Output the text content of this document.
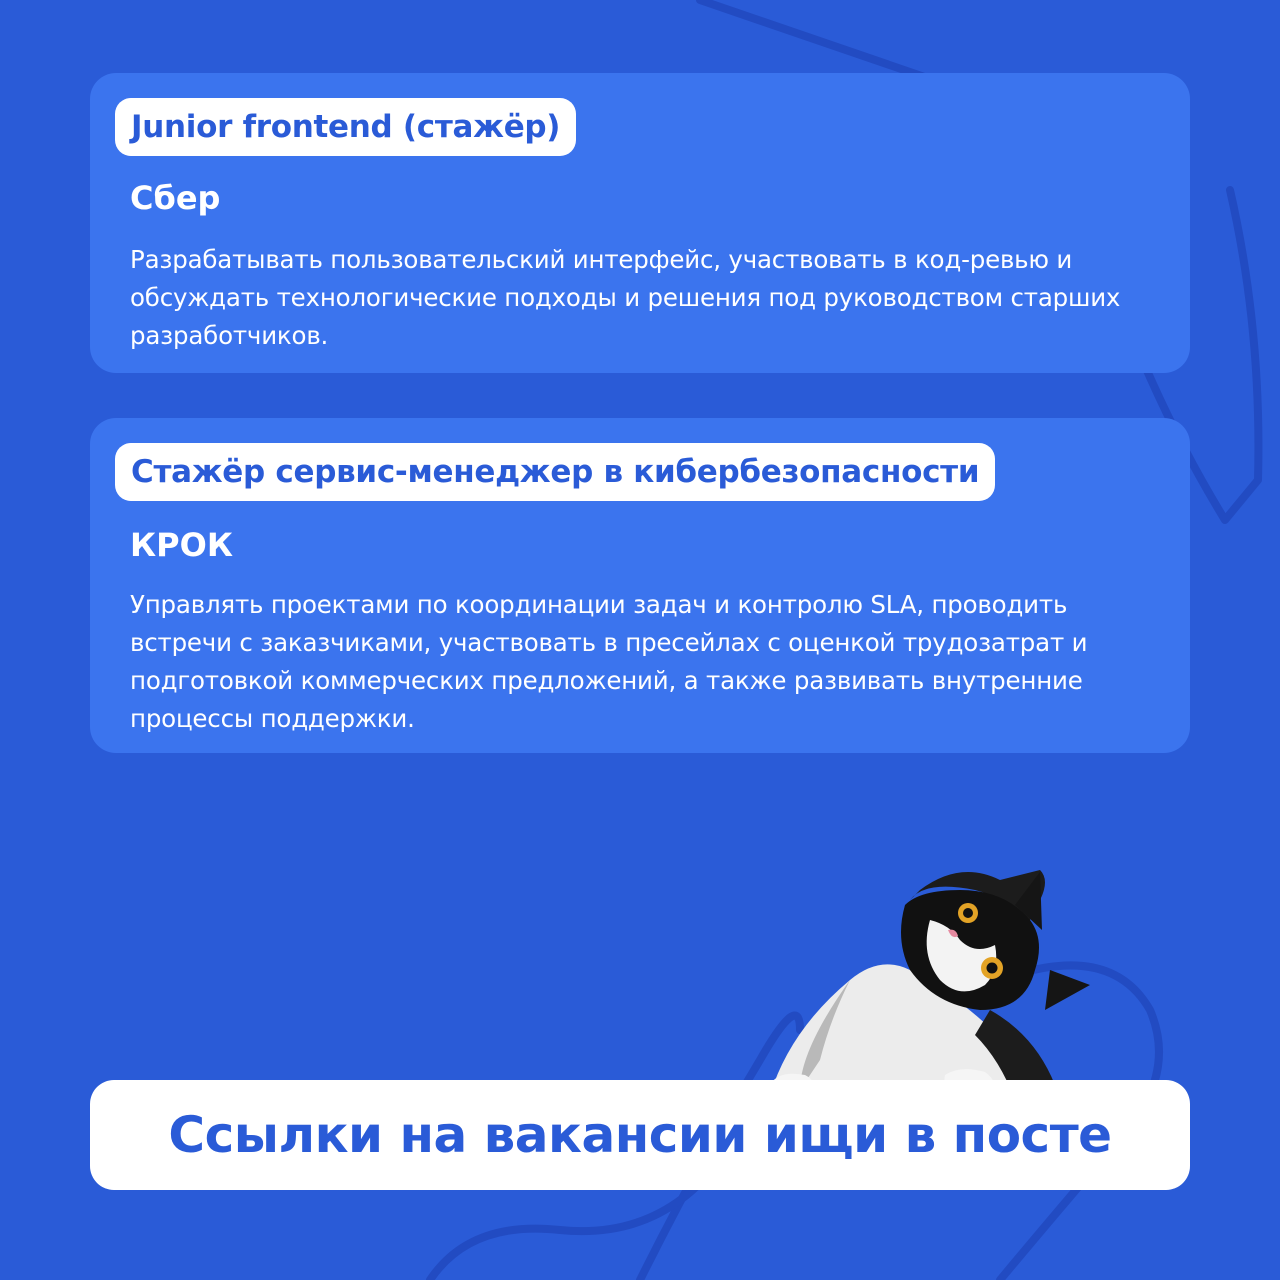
Junior frontend (стажёр)
Сбер
Разрабатывать пользовательский интерфейс, участвовать в код-ревью и обсуждать технологические подходы и решения под руководством старших разработчиков.
Стажёр сервис-менеджер в кибербезопасности
КРОК
Управлять проектами по координации задач и контролю SLA, проводить встречи с заказчиками, участвовать в пресейлах с оценкой трудозатрат и подготовкой коммерческих предложений, а также развивать внутренние процессы поддержки.
Ссылки на вакансии ищи в посте
